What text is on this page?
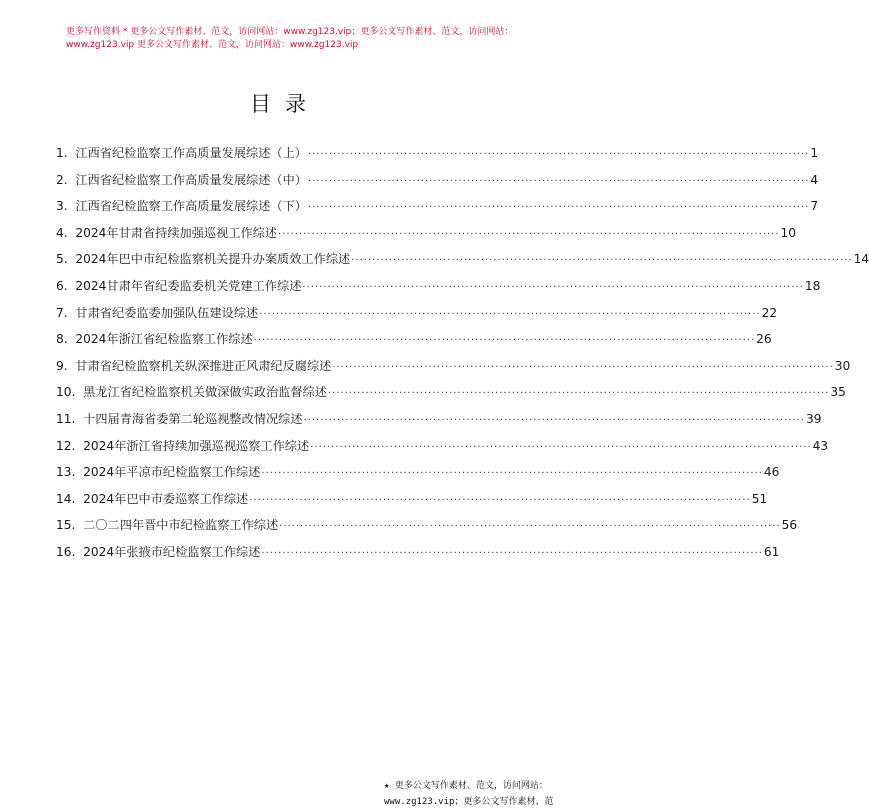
更多写作资料 * 更多公文写作素材、范文，访问网站：www.zg123.vip；更多公文写作素材、范文，访问网站：
www.zg123.vip 更多公文写作素材、范文，访问网站：www.zg123.vip
目录
1.
江西省纪检监察工作高质量发展综述（上） ························································································································ 1
2.
江西省纪检监察工作高质量发展综述（中） ························································································································ 4
3.
江西省纪检监察工作高质量发展综述（下） ························································································································ 7
4.
2024年甘肃省持续加强巡视工作综述 ························································································································ 10
5.
2024年巴中市纪检监察机关提升办案质效工作综述 ························································································································ 14
6.
2024甘肃年省纪委监委机关党建工作综述 ························································································································ 18
7.
甘肃省纪委监委加强队伍建设综述 ························································································································ 22
8.
2024年浙江省纪检监察工作综述 ························································································································ 26
9.
甘肃省纪检监察机关纵深推进正风肃纪反腐综述 ························································································································ 30
10.
黑龙江省纪检监察机关做深做实政治监督综述 ························································································································ 35
11.
十四届青海省委第二轮巡视整改情况综述 ························································································································ 39
12.
2024年浙江省持续加强巡视巡察工作综述 ························································································································ 43
13.
2024年平凉市纪检监察工作综述 ························································································································ 46
14.
2024年巴中市委巡察工作综述 ························································································································ 51
15.
二〇二四年晋中市纪检监察工作综述 ························································································································ 56
16.
2024年张掖市纪检监察工作综述 ························································································································ 61
★ 更多公文写作素材、范文，访问网站：
www.zg123.vip；更多公文写作素材、范
